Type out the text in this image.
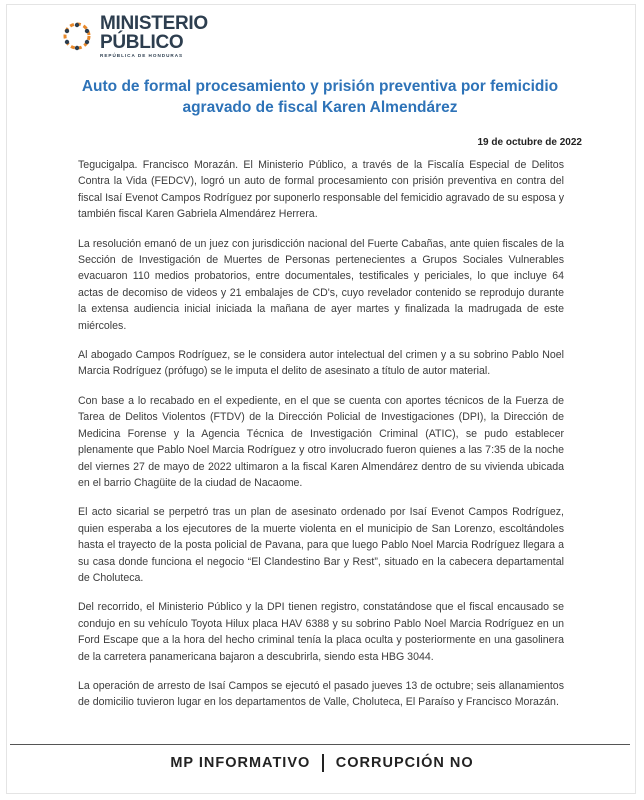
MINISTERIO
PÚBLICO
REPÚBLICA DE HONDURAS
Auto de formal procesamiento y prisión preventiva por femicidio agravado de fiscal Karen Almendárez
19 de octubre de 2022

Tegucigalpa. Francisco Morazán. El Ministerio Público, a través de la Fiscalía Especial de Delitos Contra la Vida (FEDCV), logró un auto de formal procesamiento con prisión preventiva en contra del fiscal Isaí Evenot Campos Rodríguez por suponerlo responsable del femicidio agravado de su esposa y también fiscal Karen Gabriela Almendárez Herrera.

La resolución emanó de un juez con jurisdicción nacional del Fuerte Cabañas, ante quien fiscales de la Sección de Investigación de Muertes de Personas pertenecientes a Grupos Sociales Vulnerables evacuaron 110 medios probatorios, entre documentales, testificales y periciales, lo que incluye 64 actas de decomiso de videos y 21 embalajes de CD's, cuyo revelador contenido se reprodujo durante la extensa audiencia inicial iniciada la mañana de ayer martes y finalizada la madrugada de este miércoles.

Al abogado Campos Rodríguez, se le considera autor intelectual del crimen y a su sobrino Pablo Noel Marcia Rodríguez (prófugo) se le imputa el delito de asesinato a título de autor material.

Con base a lo recabado en el expediente, en el que se cuenta con aportes técnicos de la Fuerza de Tarea de Delitos Violentos (FTDV) de la Dirección Policial de Investigaciones (DPI), la Dirección de Medicina Forense y la Agencia Técnica de Investigación Criminal (ATIC), se pudo establecer plenamente que Pablo Noel Marcia Rodríguez y otro involucrado fueron quienes a las 7:35 de la noche del viernes 27 de mayo de 2022 ultimaron a la fiscal Karen Almendárez dentro de su vivienda ubicada en el barrio Chagüite de la ciudad de Nacaome.

El acto sicarial se perpetró tras un plan de asesinato ordenado por Isaí Evenot Campos Rodríguez, quien esperaba a los ejecutores de la muerte violenta en el municipio de San Lorenzo, escoltándoles hasta el trayecto de la posta policial de Pavana, para que luego Pablo Noel Marcia Rodríguez llegara a su casa donde funciona el negocio “El Clandestino Bar y Rest”, situado en la cabecera departamental de Choluteca.

Del recorrido, el Ministerio Público y la DPI tienen registro, constatándose que el fiscal encausado se condujo en su vehículo Toyota Hilux placa HAV 6388 y su sobrino Pablo Noel Marcia Rodríguez en un Ford Escape que a la hora del hecho criminal tenía la placa oculta y posteriormente en una gasolinera de la carretera panamericana bajaron a descubrirla, siendo esta HBG 3044.

La operación de arresto de Isaí Campos se ejecutó el pasado jueves 13 de octubre; seis allanamientos de domicilio tuvieron lugar en los departamentos de Valle, Choluteca, El Paraíso y Francisco Morazán.

MP INFORMATIVO CORRUPCIÓN NO
